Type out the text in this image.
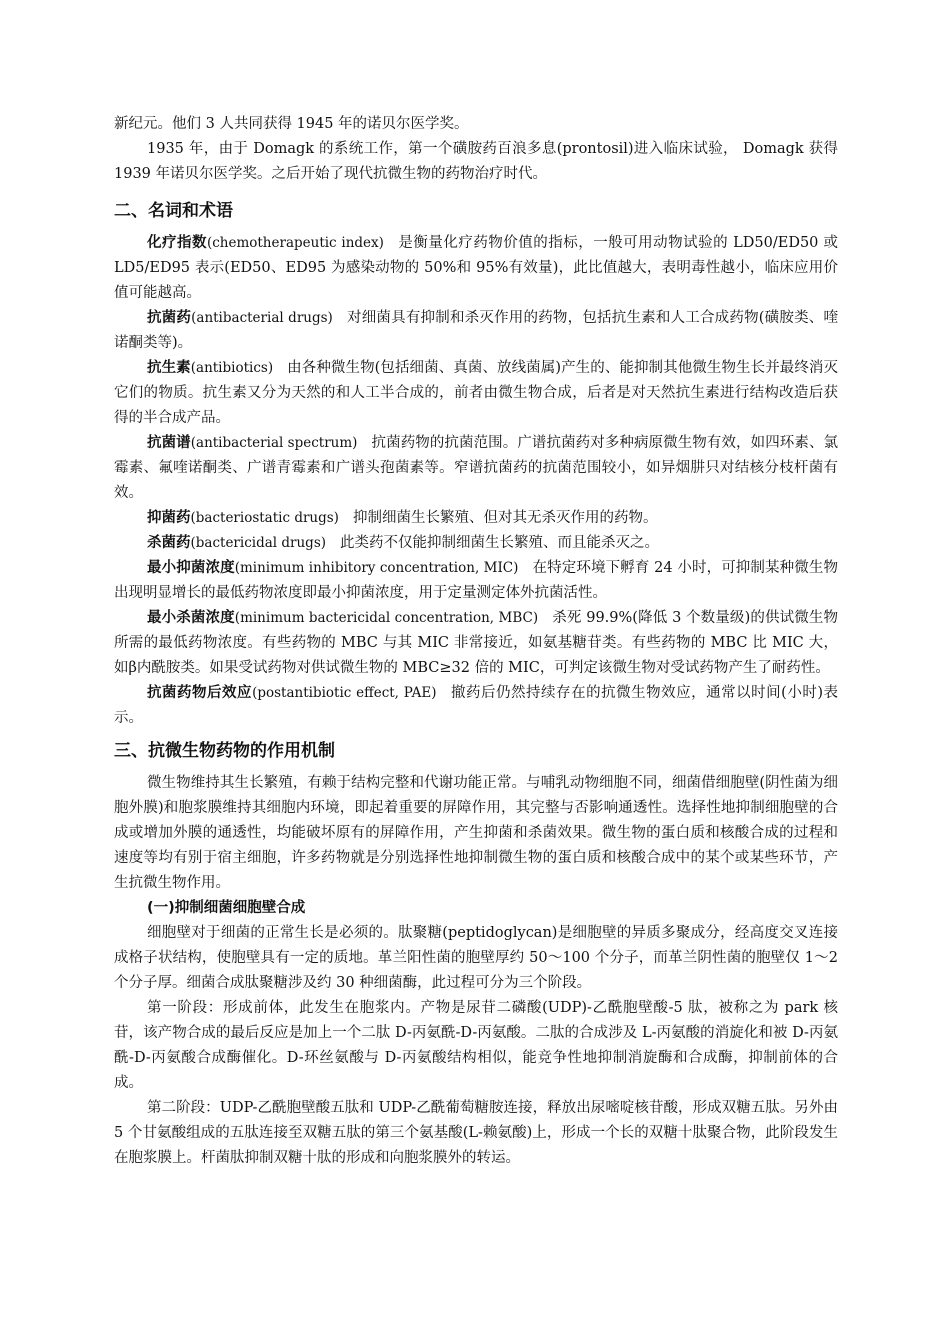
新纪元。他们 3 人共同获得 1945 年的诺贝尔医学奖。

1935 年，由于 Domagk 的系统工作，第一个磺胺药百浪多息(prontosil)进入临床试验， Domagk 获得 1939 年诺贝尔医学奖。之后开始了现代抗微生物的药物治疗时代。

二、名词和术语

化疗指数(chemotherapeutic index) 是衡量化疗药物价值的指标，一般可用动物试验的 LD50/ED50 或 LD5/ED95 表示(ED50、ED95 为感染动物的 50%和 95%有效量)，此比值越大，表明毒性越小，临床应用价值可能越高。

抗菌药(antibacterial drugs) 对细菌具有抑制和杀灭作用的药物，包括抗生素和人工合成药物(磺胺类、喹诺酮类等)。

抗生素(antibiotics) 由各种微生物(包括细菌、真菌、放线菌属)产生的、能抑制其他微生物生长并最终消灭它们的物质。抗生素又分为天然的和人工半合成的，前者由微生物合成，后者是对天然抗生素进行结构改造后获得的半合成产品。

抗菌谱(antibacterial spectrum) 抗菌药物的抗菌范围。广谱抗菌药对多种病原微生物有效，如四环素、氯霉素、氟喹诺酮类、广谱青霉素和广谱头孢菌素等。窄谱抗菌药的抗菌范围较小，如异烟肼只对结核分枝杆菌有效。

抑菌药(bacteriostatic drugs) 抑制细菌生长繁殖、但对其无杀灭作用的药物。

杀菌药(bactericidal drugs) 此类药不仅能抑制细菌生长繁殖、而且能杀灭之。

最小抑菌浓度(minimum inhibitory concentration, MIC) 在特定环境下孵育 24 小时，可抑制某种微生物出现明显增长的最低药物浓度即最小抑菌浓度，用于定量测定体外抗菌活性。

最小杀菌浓度(minimum bactericidal concentration, MBC) 杀死 99.9%(降低 3 个数量级)的供试微生物所需的最低药物浓度。有些药物的 MBC 与其 MIC 非常接近，如氨基糖苷类。有些药物的 MBC 比 MIC 大，如β内酰胺类。如果受试药物对供试微生物的 MBC≥32 倍的 MIC，可判定该微生物对受试药物产生了耐药性。

抗菌药物后效应(postantibiotic effect, PAE) 撤药后仍然持续存在的抗微生物效应，通常以时间(小时)表示。

三、抗微生物药物的作用机制

微生物维持其生长繁殖，有赖于结构完整和代谢功能正常。与哺乳动物细胞不同，细菌借细胞壁(阴性菌为细胞外膜)和胞浆膜维持其细胞内环境，即起着重要的屏障作用，其完整与否影响通透性。选择性地抑制细胞壁的合成或增加外膜的通透性，均能破坏原有的屏障作用，产生抑菌和杀菌效果。微生物的蛋白质和核酸合成的过程和速度等均有别于宿主细胞，许多药物就是分别选择性地抑制微生物的蛋白质和核酸合成中的某个或某些环节，产生抗微生物作用。

(一)抑制细菌细胞壁合成

细胞壁对于细菌的正常生长是必须的。肽聚糖(peptidoglycan)是细胞壁的异质多聚成分，经高度交叉连接成格子状结构，使胞壁具有一定的质地。革兰阳性菌的胞壁厚约 50～100 个分子，而革兰阴性菌的胞壁仅 1～2 个分子厚。细菌合成肽聚糖涉及约 30 种细菌酶，此过程可分为三个阶段。

第一阶段：形成前体，此发生在胞浆内。产物是尿苷二磷酸(UDP)-乙酰胞壁酸-5 肽，被称之为 park 核苷，该产物合成的最后反应是加上一个二肽 D-丙氨酰-D-丙氨酸。二肽的合成涉及 L-丙氨酸的消旋化和被 D-丙氨酰-D-丙氨酸合成酶催化。D-环丝氨酸与 D-丙氨酸结构相似，能竞争性地抑制消旋酶和合成酶，抑制前体的合成。

第二阶段：UDP-乙酰胞壁酸五肽和 UDP-乙酰葡萄糖胺连接，释放出尿嘧啶核苷酸，形成双糖五肽。另外由 5 个甘氨酸组成的五肽连接至双糖五肽的第三个氨基酸(L-赖氨酸)上，形成一个长的双糖十肽聚合物，此阶段发生在胞浆膜上。杆菌肽抑制双糖十肽的形成和向胞浆膜外的转运。
